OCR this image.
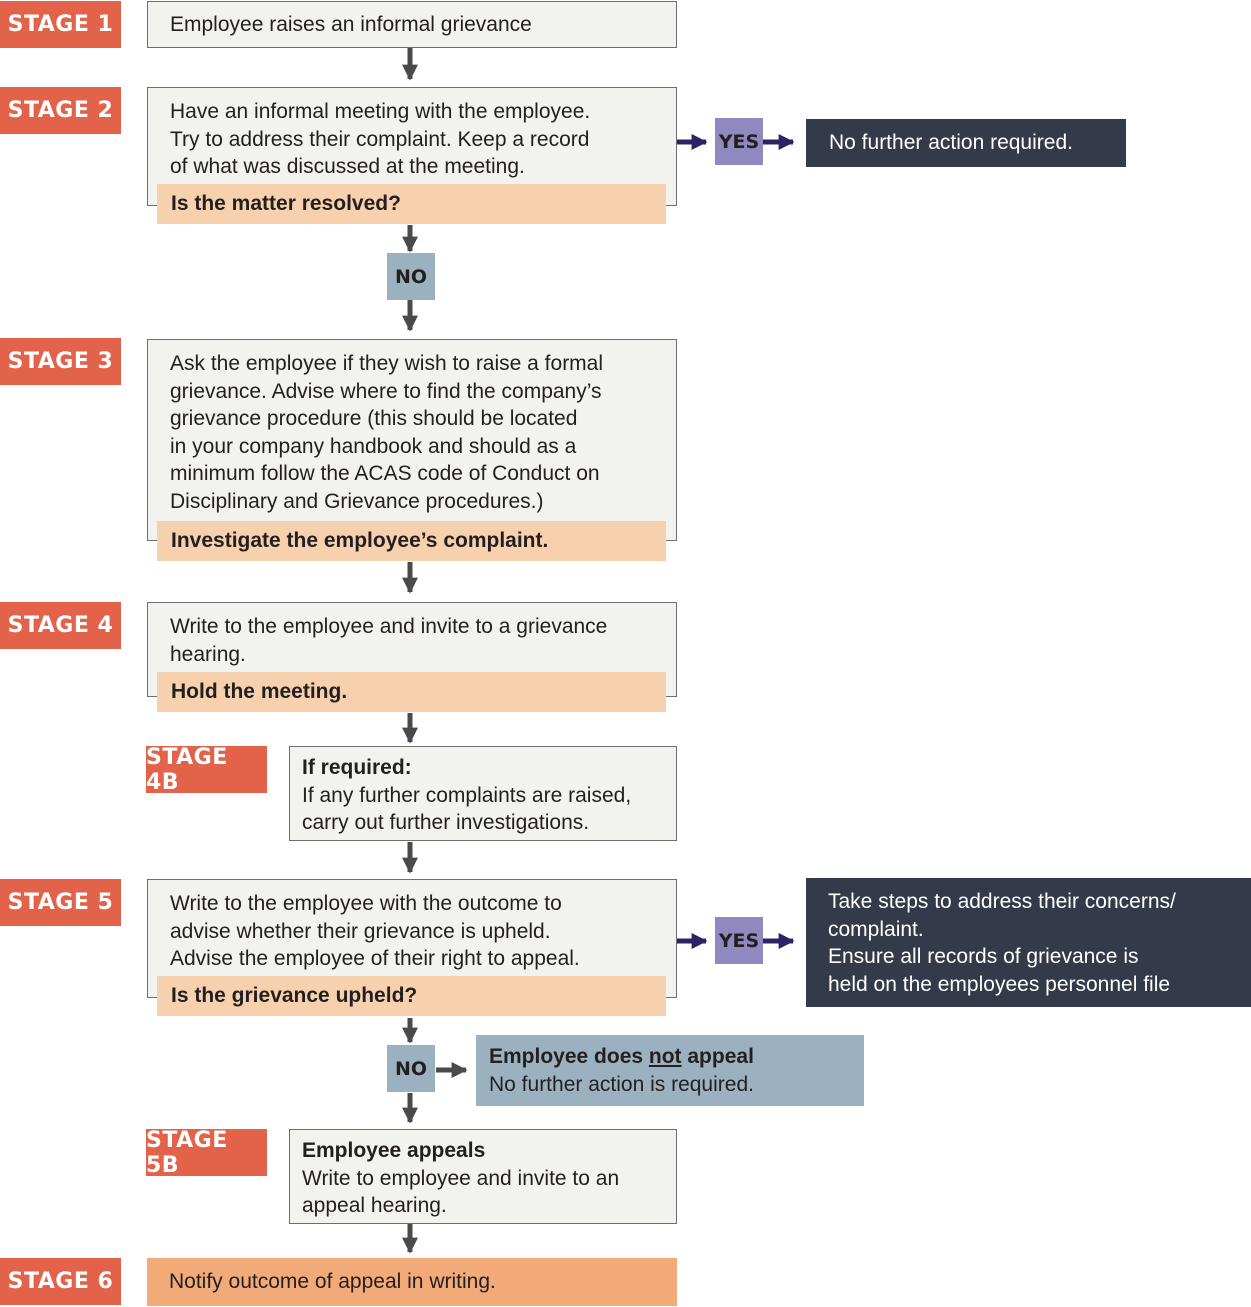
STAGE 1
STAGE 2
STAGE 3
STAGE 4
STAGE 4B
STAGE 5
STAGE 5B
STAGE 6
Employee raises an informal grievance
Have an informal meeting with the employee.
Try to address their complaint. Keep a record
of what was discussed at the meeting.
Is the matter resolved?
YES	No further action required.
NO
Ask the employee if they wish to raise a formal
grievance. Advise where to find the company’s
grievance procedure (this should be located
in your company handbook and should as a
minimum follow the ACAS code of Conduct on
Disciplinary and Grievance procedures.)
Investigate the employee’s complaint.
Write to the employee and invite to a grievance
hearing.
Hold the meeting.
If required:
If any further complaints are raised,
carry out further investigations.
Write to the employee with the outcome to
advise whether their grievance is upheld.
Advise the employee of their right to appeal.
Is the grievance upheld?
YES
Take steps to address their concerns/
complaint.
Ensure all records of grievance is
held on the employees personnel file
NO
Employee does not appeal
No further action is required.
Employee appeals
Write to employee and invite to an
appeal hearing.
Notify outcome of appeal in writing.
